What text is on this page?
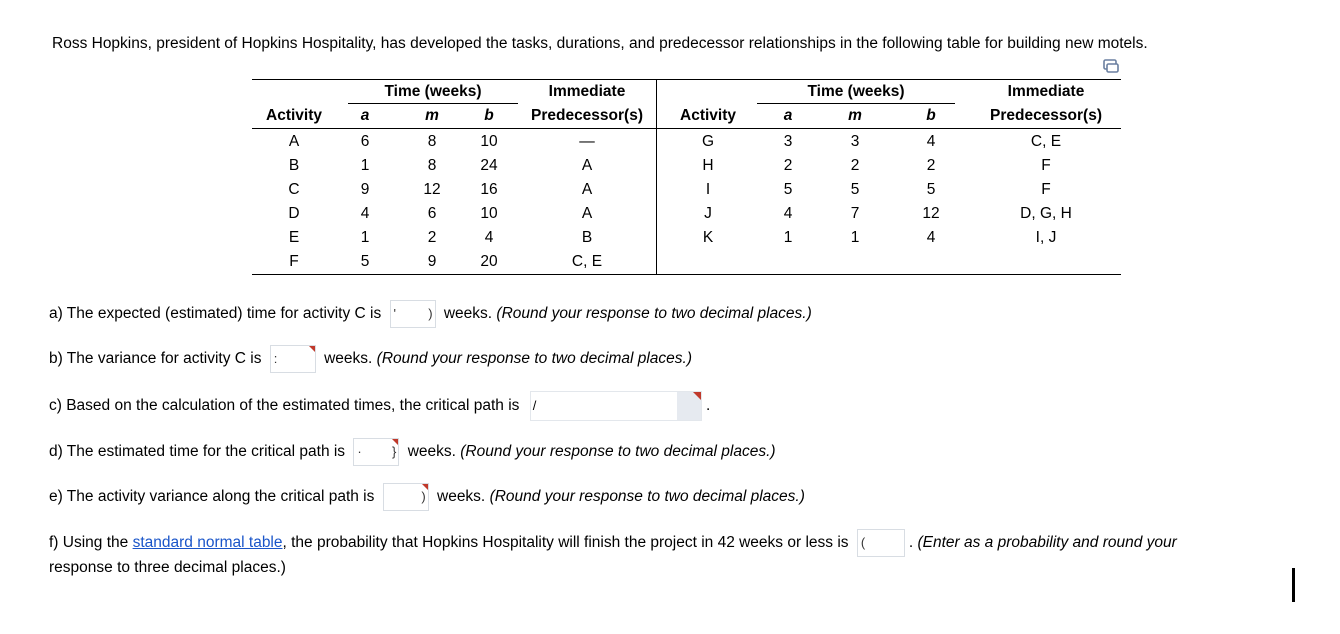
Ross Hopkins, president of Hopkins Hospitality, has developed the tasks, durations, and predecessor relationships in the following table for building new motels.
Time (weeks)	Immediate
Activity	a	m	b	Predecessor(s)
Time (weeks)	Immediate
Activity	a	m	b	Predecessor(s)
A	6	8	10	—
B	1	8	24	A
C	9	12	16	A
D	4	6	10	A
E	1	2	4	B
F	5	9	20	C, E
G	3	3	4	C, E
H	2	2	2	F
I	5	5	5	F
J	4	7	12	D, G, H
K	1	1	4	I, J
a) The expected (estimated) time for activity C is ' ) weeks. (Round your response to two decimal places.)
b) The variance for activity C is :	weeks. (Round your response to two decimal places.)
c) Based on the calculation of the estimated times, the critical path is /	.
d) The estimated time for the critical path is · } weeks. (Round your response to two decimal places.)
e) The activity variance along the critical path is	) weeks. (Round your response to two decimal places.)
f) Using the standard normal table, the probability that Hopkins Hospitality will finish the project in 42 weeks or less is (	. (Enter as a probability and round your
response to three decimal places.)
